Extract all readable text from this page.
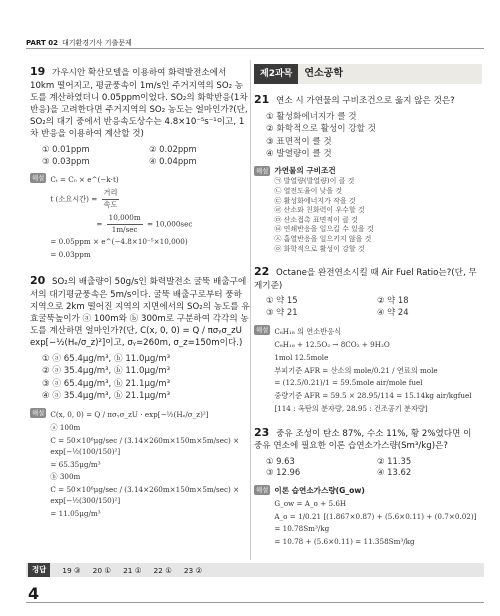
PART 02 대기환경기사 기출문제
19 가우시안 확산모델을 이용하여 화력발전소에서 10km 떨어지고, 평균풍속이 1m/s인 주거지역의 SO₂ 농도를 계산하였더니 0.05ppm이었다. SO₂의 화학반응(1차 반응)을 고려한다면 주거지역의 SO₂ 농도는 얼마인가?(단, SO₂의 대기 중에서 반응속도상수는 4.8×10⁻⁵s⁻¹이고, 1차 반응을 이용하여 계산할 것)
① 0.01ppm	② 0.02ppm
③ 0.03ppm	④ 0.04ppm
해설 Cₜ = C₀ × e^(−k·t)
t (소요시간) = $\frac{\text{거리}}{\text{속도}}$
= $\frac{10,000m}{1m/\sec} = 10,000\sec$
= 0.05ppm × e^(−4.8×10⁻⁵×10,000)
= 0.03ppm
20 SO₂의 배출량이 50g/s인 화력발전소 굴뚝 배출구에서의 대기평균풍속은 5m/s이다. 굴뚝 배출구로부터 풍하지역으로 2km 떨어진 지역의 지면에서의 SO₂의 농도를 유효굴뚝높이가 ⓐ 100m와 ⓑ 300m로 구분하여 각각의 농도를 계산하면 얼마인가?(단, C(x, 0, 0) = Q / πσᵧσ_zU exp[−½(Hₑ/σ_z)²]이고, σᵧ=260m, σ_z=150m이다.)
① ⓐ 65.4μg/m³, ⓑ 11.0μg/m³
② ⓐ 35.4μg/m³, ⓑ 11.0μg/m³
③ ⓐ 65.4μg/m³, ⓑ 21.1μg/m³
④ ⓐ 35.4μg/m³, ⓑ 21.1μg/m³
해설 C(x, 0, 0) = Q / πσᵧσ_zU · exp[−½(Hₑ/σ_z)²]
ⓐ 100m
C = 50×10⁶μg/sec / (3.14×260m×150m×5m/sec) × exp[−½(100/150)²]
= 65.35μg/m³
ⓑ 300m
C = 50×10⁶μg/sec / (3.14×260m×150m×5m/sec) × exp[−½(300/150)²]
= 11.05μg/m³
제2과목	연소공학
21 연소 시 가연물의 구비조건으로 옳지 않은 것은?
① 활성화에너지가 클 것
② 화학적으로 활성이 강할 것
③ 표면적이 클 것
④ 발열량이 클 것
해설 가연물의 구비조건
㉠ 발열량(발열량)이 클 것
㉡ 열전도율이 낮을 것
㉢ 활성화에너지가 작을 것
㉣ 산소와 친화력이 우수할 것
㉤ 산소접촉 표면적이 클 것
㉥ 연쇄반응을 일으킬 수 있을 것
㉦ 흡열반응을 일으키지 않을 것
㉧ 화학적으로 활성이 강할 것
22 Octane을 완전연소시킬 때 Air Fuel Ratio는?(단, 무게기준)
① 약 15	② 약 18
③ 약 21	④ 약 24
해설 C₈H₁₈ 의 연소반응식
C₈H₁₈ + 12.5O₂ → 8CO₂ + 9H₂O
1mol 12.5mole
부피기준 AFR = 산소의 mole/0.21 / 연료의 mole
= (12.5/0.21)/1 = 59.5mole air/mole fuel
중량기준 AFR = 59.5 × 28.95/114 = 15.14kg air/kgfuel
[114 : 옥탄의 분자량, 28.95 : 건조공기 분자량]
23 중유 조성이 탄소 87%, 수소 11%, 황 2%였다면 이 중유 연소에 필요한 이론 습연소가스량(Sm³/kg)은?
① 9.63	② 11.35
③ 12.96	④ 13.62
해설 이론 습연소가스량(G_ow)
G_ow = A_o + 5.6H
A_o = 1/0.21 [(1.867×0.87) + (5.6×0.11) + (0.7×0.02)]
= 10.78Sm³/kg
= 10.78 + (5.6×0.11) = 11.358Sm³/kg
정답	19 ③ 20 ① 21 ① 22 ① 23 ②
4
